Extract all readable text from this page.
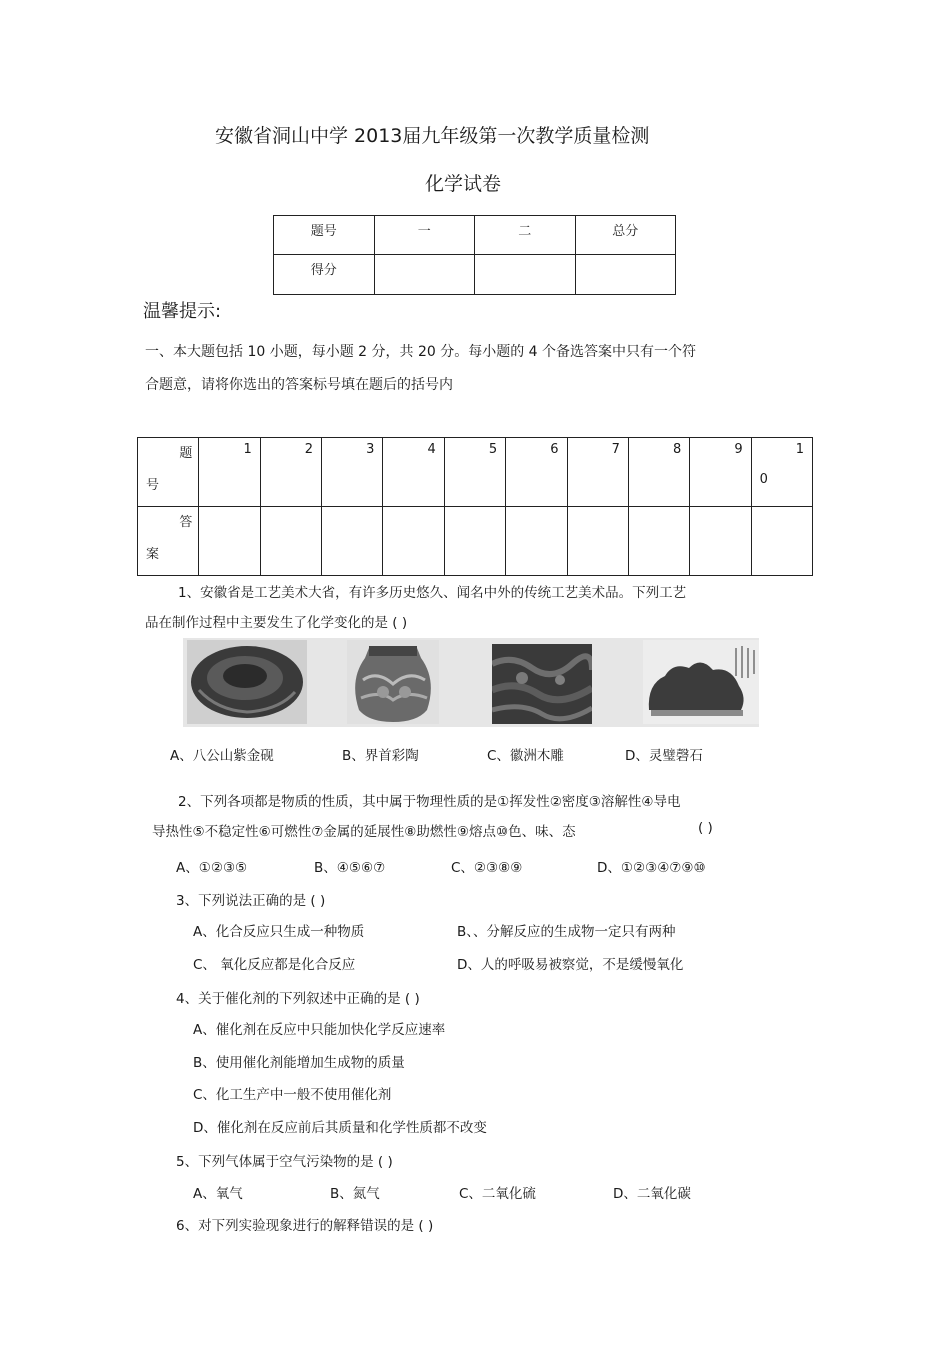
安徽省洞山中学 2013届九年级第一次教学质量检测
化学试卷
题号	一	二	总分
得分			
温馨提示:
一、本大题包括 10 小题，每小题 2 分，共 20 分。每小题的 4 个备选答案中只有一个符
合题意，请将你选出的答案标号填在题后的括号内
题
号	1	2	3	4	5	6	7	8	9	1
0

答
案										

1、安徽省是工艺美术大省，有许多历史悠久、闻名中外的传统工艺美术品。下列工艺
品在制作过程中主要发生了化学变化的是 ( )
A、八公山紫金砚	B、界首彩陶	C、徽洲木雕	D、灵璧磬石
2、下列各项都是物质的性质，其中属于物理性质的是①挥发性②密度③溶解性④导电
导热性⑤不稳定性⑥可燃性⑦金属的延展性⑧助燃性⑨熔点⑩色、味、态	( )
A、①②③⑤	B、④⑤⑥⑦	C、②③⑧⑨	D、①②③④⑦⑨⑩
3、下列说法正确的是 ( )
A、化合反应只生成一种物质	B、、分解反应的生成物一定只有两种
C、 氧化反应都是化合反应	D、人的呼吸易被察觉，不是缓慢氧化
4、关于催化剂的下列叙述中正确的是 ( )
A、催化剂在反应中只能加快化学反应速率
B、使用催化剂能增加生成物的质量
C、化工生产中一般不使用催化剂
D、催化剂在反应前后其质量和化学性质都不改变
5、下列气体属于空气污染物的是 ( )
A、氧气	B、氮气	C、二氧化硫	D、二氧化碳
6、对下列实验现象进行的解释错误的是 ( )
